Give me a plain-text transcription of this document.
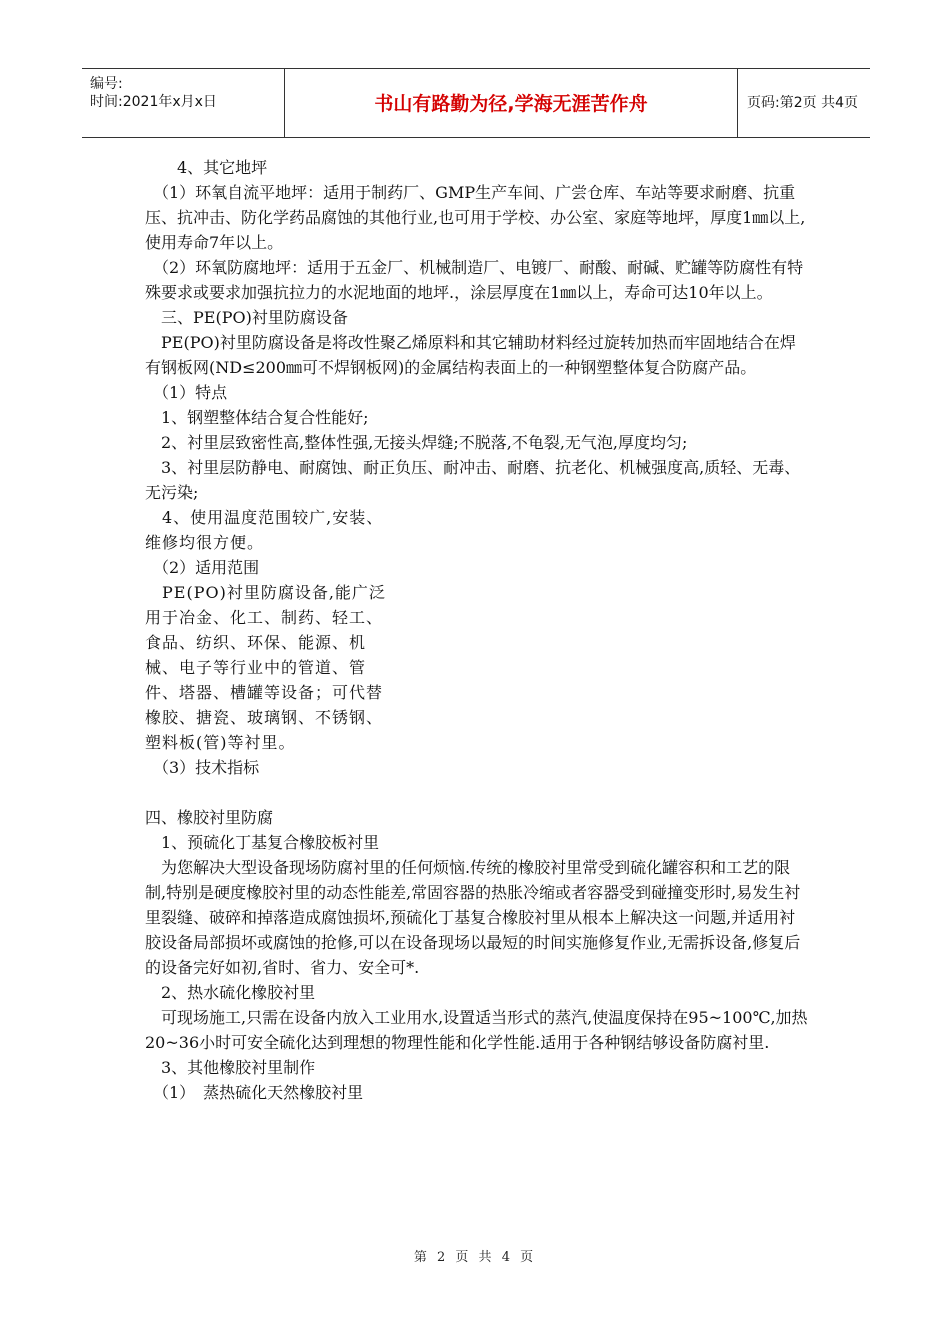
编号:
时间:2021年x月x日	书山有路勤为径,学海无涯苦作舟	页码:第2页 共4页

　　4、其它地坪

　（1）环氧自流平地坪：适用于制药厂、GMP生产车间、广尝仓库、车站等要求耐磨、抗重压、抗冲击、防化学药品腐蚀的其他行业,也可用于学校、办公室、家庭等地坪，厚度1㎜以上,使用寿命7年以上。

　（2）环氧防腐地坪：适用于五金厂、机械制造厂、电镀厂、耐酸、耐碱、贮罐等防腐性有特殊要求或要求加强抗拉力的水泥地面的地坪.，涂层厚度在1㎜以上，寿命可达10年以上。

　三、PE(PO)衬里防腐设备

　PE(PO)衬里防腐设备是将改性聚乙烯原料和其它辅助材料经过旋转加热而牢固地结合在焊有钢板网(ND≤200㎜可不焊钢板网)的金属结构表面上的一种钢塑整体复合防腐产品。

　（1）特点

　1、钢塑整体结合复合性能好;

　2、衬里层致密性高,整体性强,无接头焊缝;不脱落,不龟裂,无气泡,厚度均匀;

　3、衬里层防静电、耐腐蚀、耐正负压、耐冲击、耐磨、抗老化、机械强度高,质轻、无毒、无污染;

　4、使用温度范围较广,安装、维修均很方便。

　（2）适用范围

　PE(PO)衬里防腐设备,能广泛用于冶金、化工、制药、轻工、食品、纺织、环保、能源、机械、电子等行业中的管道、管件、塔器、槽罐等设备；可代替橡胶、搪瓷、玻璃钢、不锈钢、塑料板(管)等衬里。

　（3）技术指标

四、橡胶衬里防腐

　1、预硫化丁基复合橡胶板衬里

　为您解决大型设备现场防腐衬里的任何烦恼.传统的橡胶衬里常受到硫化罐容积和工艺的限制,特别是硬度橡胶衬里的动态性能差,常固容器的热胀冷缩或者容器受到碰撞变形时,易发生衬里裂缝、破碎和掉落造成腐蚀损坏,预硫化丁基复合橡胶衬里从根本上解决这一问题,并适用衬胶设备局部损坏或腐蚀的抢修,可以在设备现场以最短的时间实施修复作业,无需拆设备,修复后的设备完好如初,省时、省力、安全可*.

　2、热水硫化橡胶衬里

　可现场施工,只需在设备内放入工业用水,设置适当形式的蒸汽,使温度保持在95~100℃,加热20~36小时可安全硫化达到理想的物理性能和化学性能.适用于各种钢结够设备防腐衬里.

　3、其他橡胶衬里制作

　（1）　蒸热硫化天然橡胶衬里

第 2 页 共 4 页
